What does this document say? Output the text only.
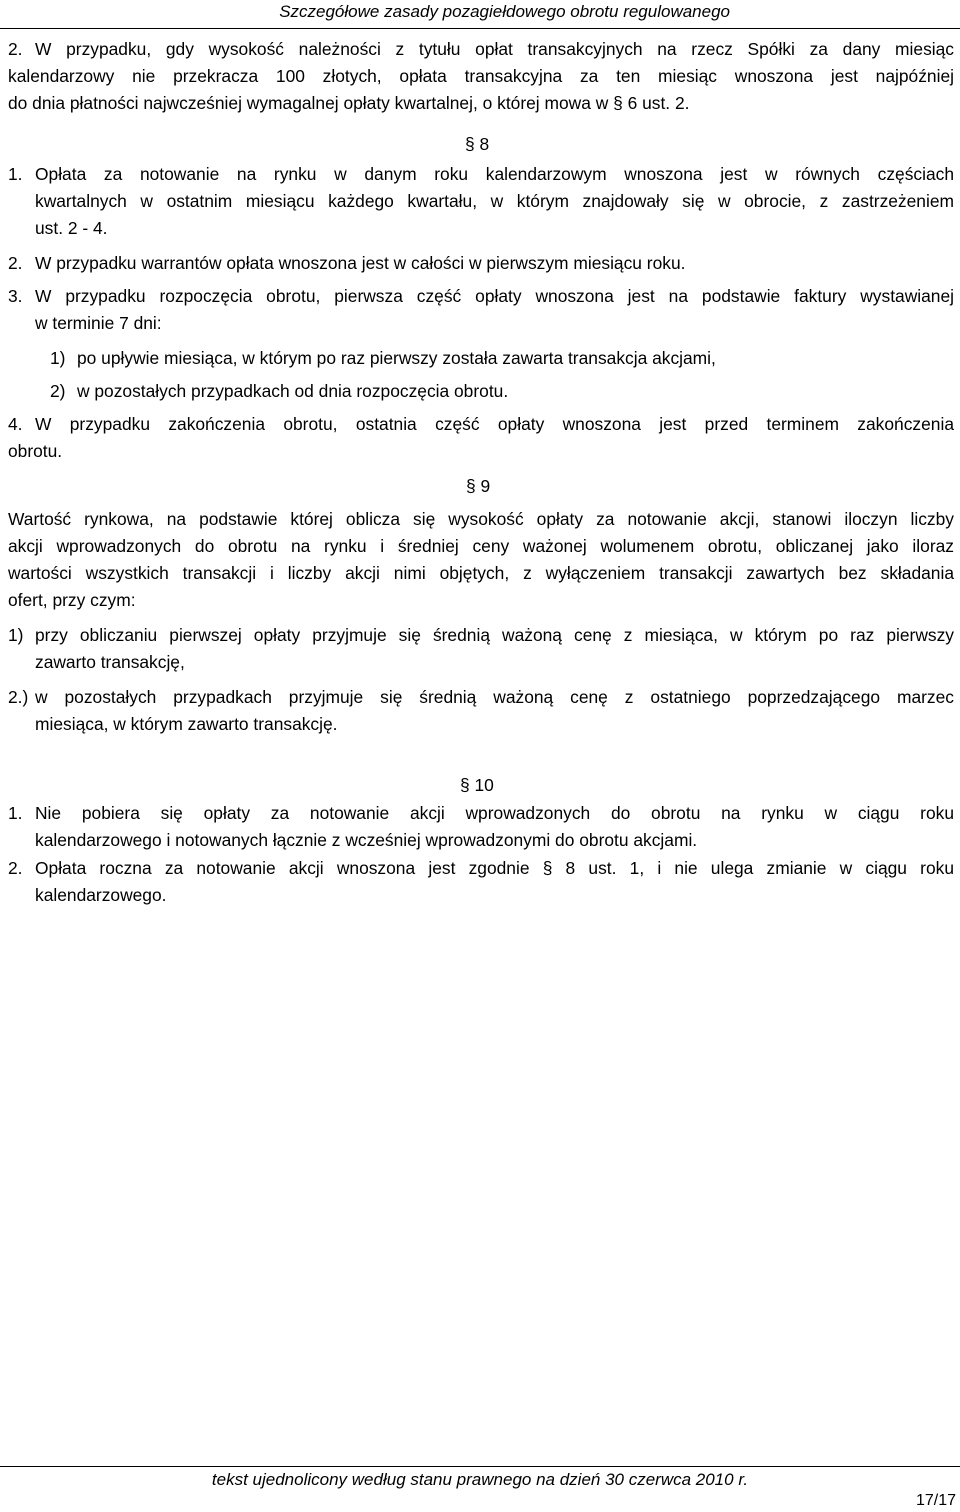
Szczegółowe zasady pozagiełdowego obrotu regulowanego
2. W przypadku, gdy wysokość należności z tytułu opłat transakcyjnych na rzecz Spółki za dany miesiąc
kalendarzowy nie przekracza 100 złotych, opłata transakcyjna za ten miesiąc wnoszona jest najpóźniej
do dnia płatności najwcześniej wymagalnej opłaty kwartalnej, o której mowa w § 6 ust. 2.
§ 8
1. Opłata za notowanie na rynku w danym roku kalendarzowym wnoszona jest w równych częściach
kwartalnych w ostatnim miesiącu każdego kwartału, w którym znajdowały się w obrocie, z zastrzeżeniem
ust. 2 - 4.
2. W przypadku warrantów opłata wnoszona jest w całości w pierwszym miesiącu roku.
3. W przypadku rozpoczęcia obrotu, pierwsza część opłaty wnoszona jest na podstawie faktury wystawianej
w terminie 7 dni:
1) po upływie miesiąca, w którym po raz pierwszy została zawarta transakcja akcjami,
2) w pozostałych przypadkach od dnia rozpoczęcia obrotu.
4. W przypadku zakończenia obrotu, ostatnia część opłaty wnoszona jest przed terminem zakończenia
obrotu.
§ 9
Wartość rynkowa, na podstawie której oblicza się wysokość opłaty za notowanie akcji, stanowi iloczyn liczby
akcji wprowadzonych do obrotu na rynku i średniej ceny ważonej wolumenem obrotu, obliczanej jako iloraz
wartości wszystkich transakcji i liczby akcji nimi objętych, z wyłączeniem transakcji zawartych bez składania
ofert, przy czym:
1) przy obliczaniu pierwszej opłaty przyjmuje się średnią ważoną cenę z miesiąca, w którym po raz pierwszy
zawarto transakcję,
2.) w pozostałych przypadkach przyjmuje się średnią ważoną cenę z ostatniego poprzedzającego marzec
miesiąca, w którym zawarto transakcję.
§ 10
1. Nie pobiera się opłaty za notowanie akcji wprowadzonych do obrotu na rynku w ciągu roku
kalendarzowego i notowanych łącznie z wcześniej wprowadzonymi do obrotu akcjami.
2. Opłata roczna za notowanie akcji wnoszona jest zgodnie § 8 ust. 1, i nie ulega zmianie w ciągu roku
kalendarzowego.
tekst ujednolicony według stanu prawnego na dzień 30 czerwca 2010 r.
17/17
